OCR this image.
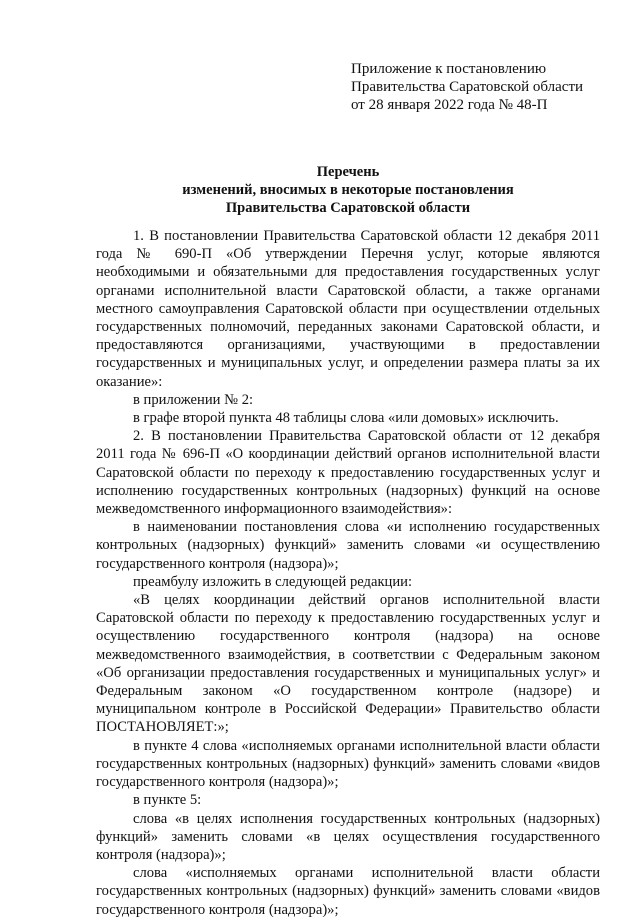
Приложение к постановлению
Правительства Саратовской области
от 28 января 2022 года № 48-П
Перечень
изменений, вносимых в некоторые постановления
Правительства Саратовской области

1. В постановлении Правительства Саратовской области 12 декабря 2011 года № 690-П «Об утверждении Перечня услуг, которые являются необходимыми и обязательными для предоставления государственных услуг органами исполнительной власти Саратовской области, а также органами местного самоуправления Саратовской области при осуществлении отдельных государственных полномочий, переданных законами Саратовской области, и предоставляются организациями, участвующими в предоставлении государственных и муниципальных услуг, и определении размера платы за их оказание»:

в приложении № 2:

в графе второй пункта 48 таблицы слова «или домовых» исключить.

2. В постановлении Правительства Саратовской области от 12 декабря 2011 года № 696-П «О координации действий органов исполнительной власти Саратовской области по переходу к предоставлению государственных услуг и исполнению государственных контрольных (надзорных) функций на основе межведомственного информационного взаимодействия»:

в наименовании постановления слова «и исполнению государственных контрольных (надзорных) функций» заменить словами «и осуществлению государственного контроля (надзора)»;

преамбулу изложить в следующей редакции:

«В целях координации действий органов исполнительной власти Саратовской области по переходу к предоставлению государственных услуг и осуществлению государственного контроля (надзора) на основе межведомственного взаимодействия, в соответствии с Федеральным законом «Об организации предоставления государственных и муниципальных услуг» и Федеральным законом «О государственном контроле (надзоре) и муниципальном контроле в Российской Федерации» Правительство области ПОСТАНОВЛЯЕТ:»;

в пункте 4 слова «исполняемых органами исполнительной власти области государственных контрольных (надзорных) функций» заменить словами «видов государственного контроля (надзора)»;

в пункте 5:

слова «в целях исполнения государственных контрольных (надзорных) функций» заменить словами «в целях осуществления государственного контроля (надзора)»;

слова «исполняемых органами исполнительной власти области государственных контрольных (надзорных) функций» заменить словами «видов государственного контроля (надзора)»;
